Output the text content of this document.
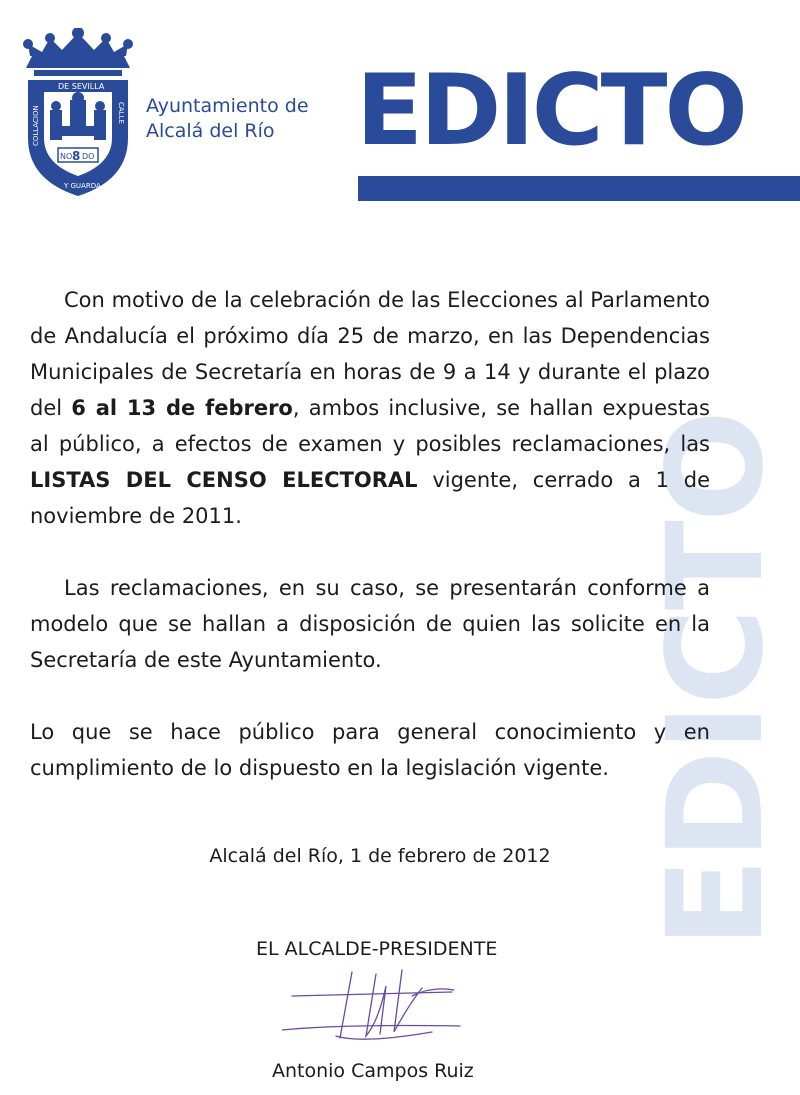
NO 8 DO
DE SEVILLA
COLLACION	CALLE
Y GUARDA
Ayuntamiento de
Alcalá del Río EDICTO
EDICTO

Con motivo de la celebración de las Elecciones al Parlamento de Andalucía el próximo día 25 de marzo, en las Dependencias Municipales de Secretaría en horas de 9 a 14 y durante el plazo del 6 al 13 de febrero, ambos inclusive, se hallan expuestas al público, a efectos de examen y posibles reclamaciones, las LISTAS DEL CENSO ELECTORAL vigente, cerrado a 1 de noviembre de 2011.

Las reclamaciones, en su caso, se presentarán conforme a modelo que se hallan a disposición de quien las solicite en la Secretaría de este Ayuntamiento.

Lo que se hace público para general conocimiento y en cumplimiento de lo dispuesto en la legislación vigente.

Alcalá del Río, 1 de febrero de 2012
EL ALCALDE-PRESIDENTE
Antonio Campos Ruiz
